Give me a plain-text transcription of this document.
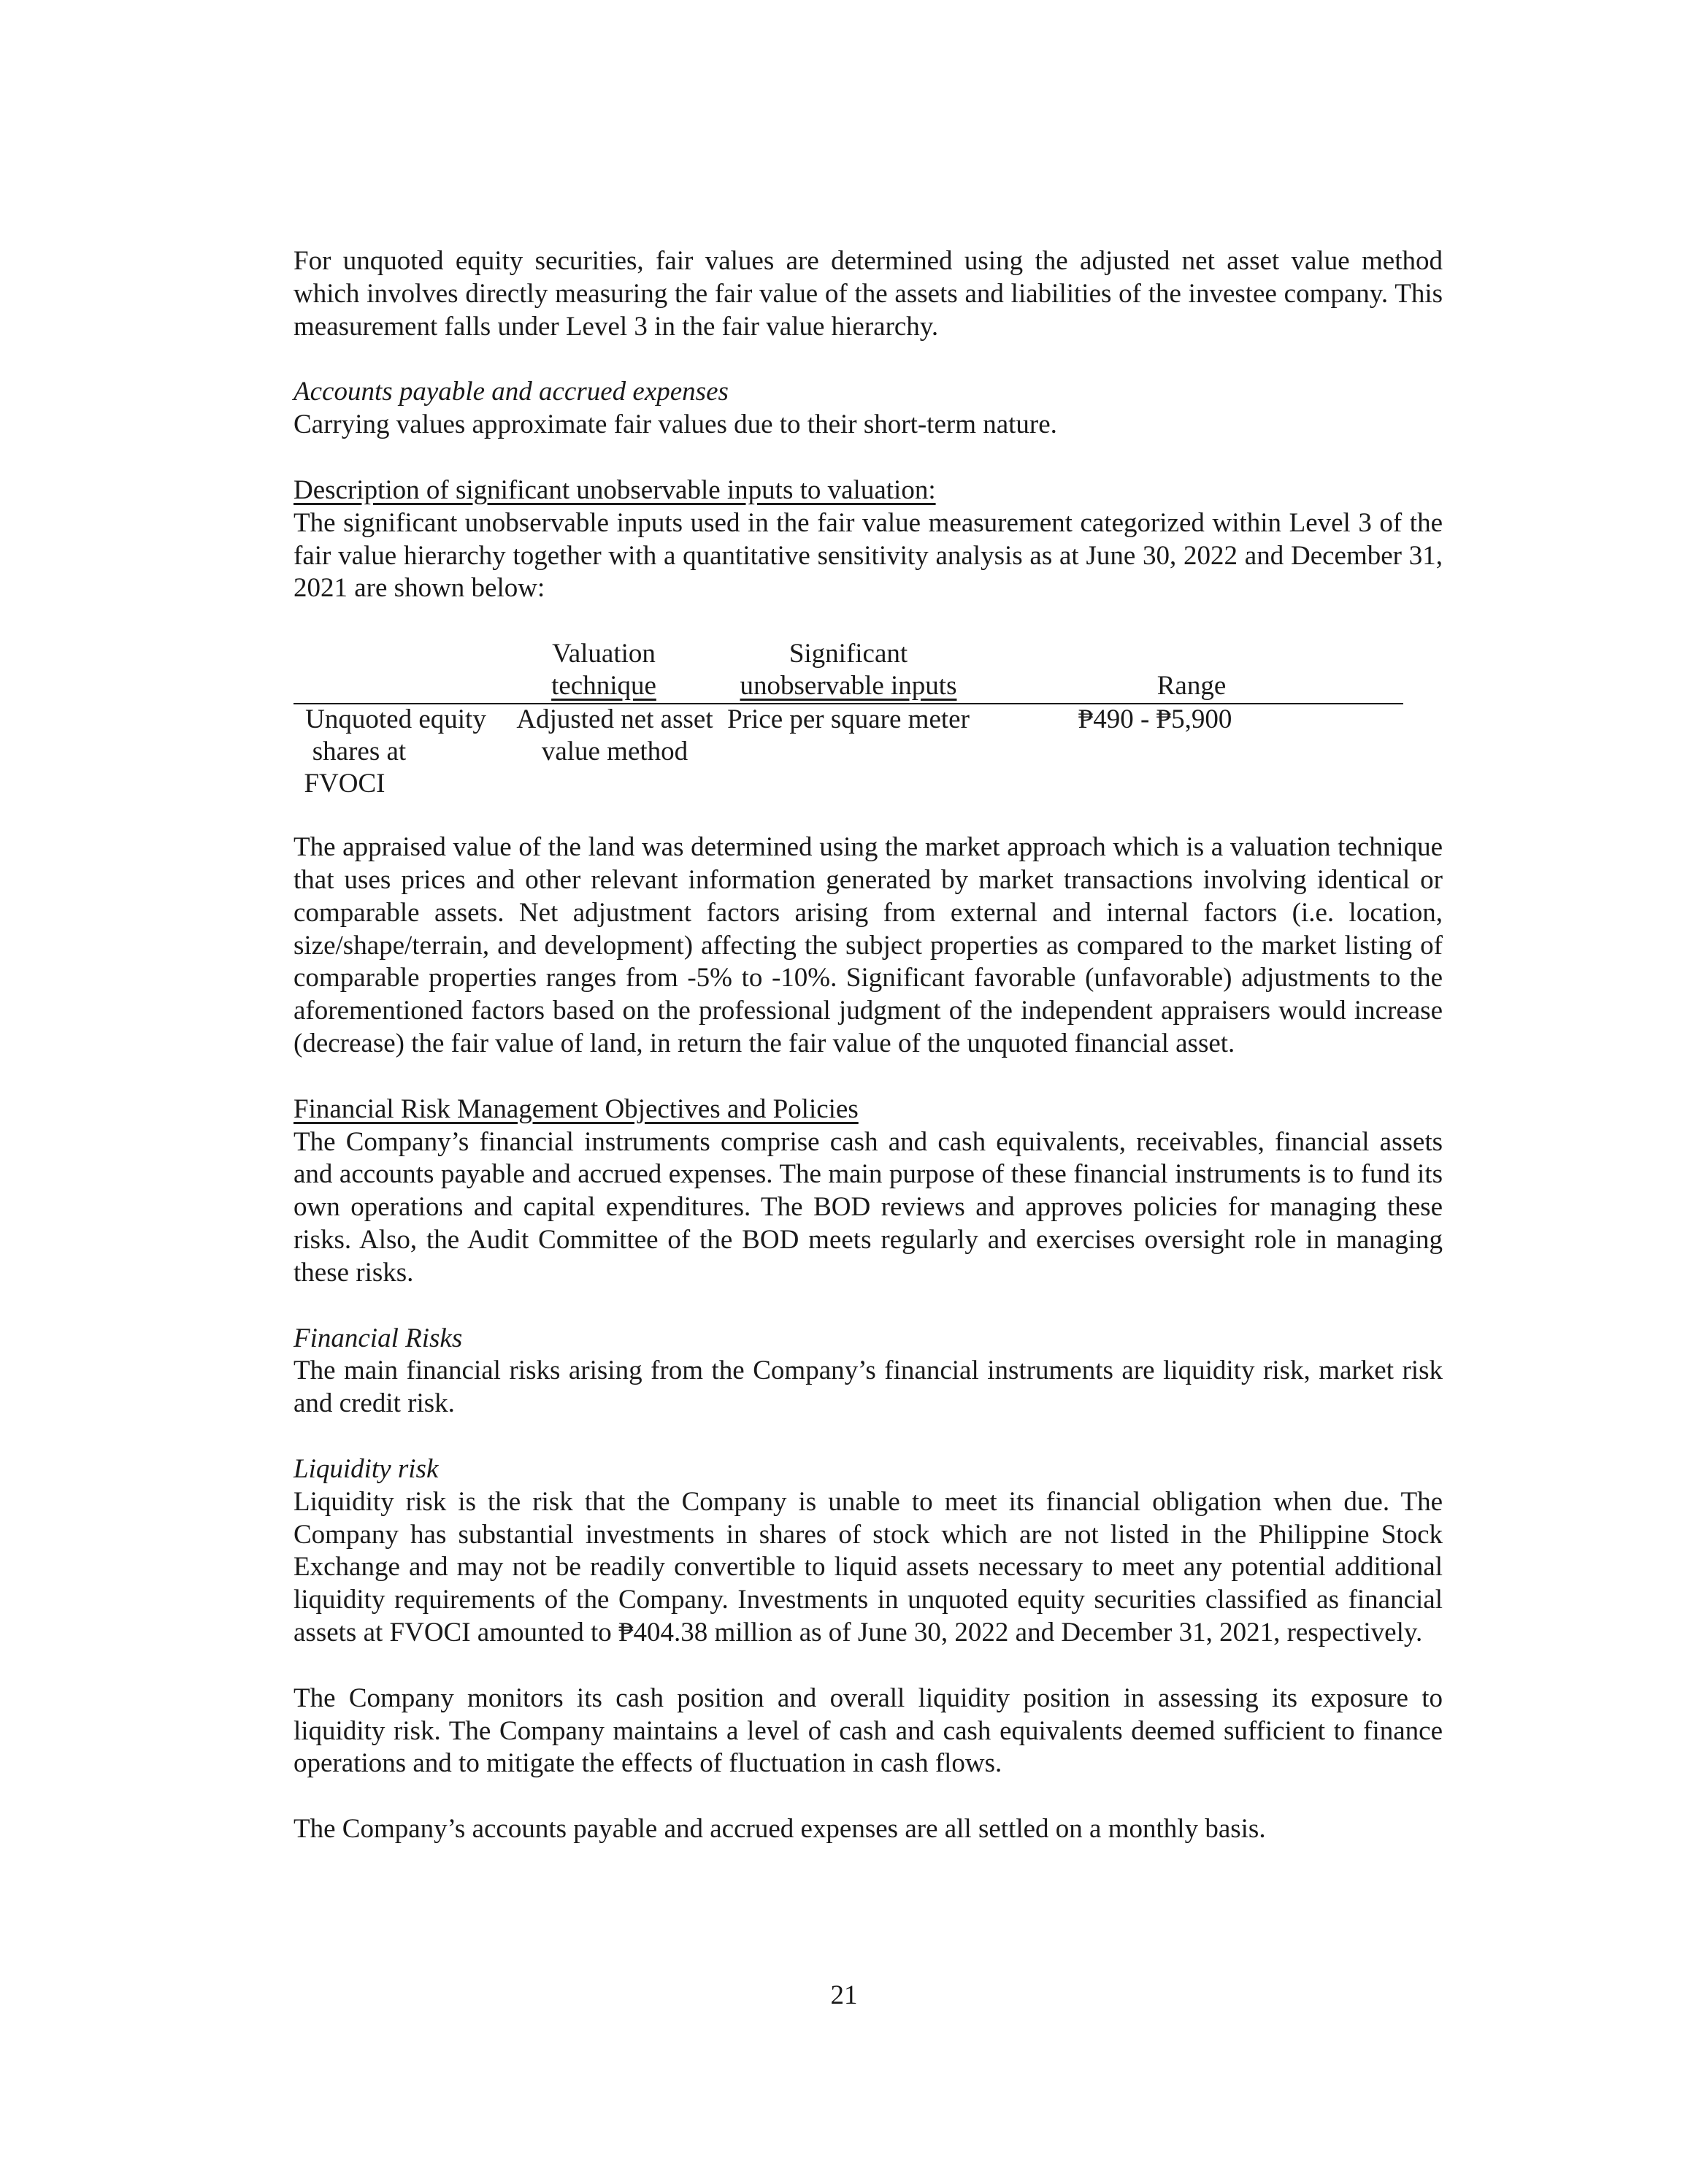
For unquoted equity securities, fair values are determined using the adjusted net asset value method which involves directly measuring the fair value of the assets and liabilities of the investee company. This measurement falls under Level 3 in the fair value hierarchy.

Accounts payable and accrued expenses

Carrying values approximate fair values due to their short-term nature.

Description of significant unobservable inputs to valuation:

The significant unobservable inputs used in the fair value measurement categorized within Level 3 of the fair value hierarchy together with a quantitative sensitivity analysis as at June 30, 2022 and December 31, 2021 are shown below:

Valuation
technique
Significant
unobservable inputs	Range
Unquoted equity
shares at
FVOCI
Adjusted net asset
value method
Price per square meter	₱490 - ₱5,900

The appraised value of the land was determined using the market approach which is a valuation technique that uses prices and other relevant information generated by market transactions involving identical or comparable assets. Net adjustment factors arising from external and internal factors (i.e. location, size/shape/terrain, and development) affecting the subject properties as compared to the market listing of comparable properties ranges from -5% to -10%. Significant favorable (unfavorable) adjustments to the aforementioned factors based on the professional judgment of the independent appraisers would increase (decrease) the fair value of land, in return the fair value of the unquoted financial asset.

Financial Risk Management Objectives and Policies

The Company’s financial instruments comprise cash and cash equivalents, receivables, financial assets and accounts payable and accrued expenses. The main purpose of these financial instruments is to fund its own operations and capital expenditures. The BOD reviews and approves policies for managing these risks. Also, the Audit Committee of the BOD meets regularly and exercises oversight role in managing these risks.

Financial Risks

The main financial risks arising from the Company’s financial instruments are liquidity risk, market risk and credit risk.

Liquidity risk

Liquidity risk is the risk that the Company is unable to meet its financial obligation when due. The Company has substantial investments in shares of stock which are not listed in the Philippine Stock Exchange and may not be readily convertible to liquid assets necessary to meet any potential additional liquidity requirements of the Company. Investments in unquoted equity securities classified as financial assets at FVOCI amounted to ₱404.38 million as of June 30, 2022 and December 31, 2021, respectively.

The Company monitors its cash position and overall liquidity position in assessing its exposure to liquidity risk. The Company maintains a level of cash and cash equivalents deemed sufficient to finance operations and to mitigate the effects of fluctuation in cash flows.

The Company’s accounts payable and accrued expenses are all settled on a monthly basis.

21
